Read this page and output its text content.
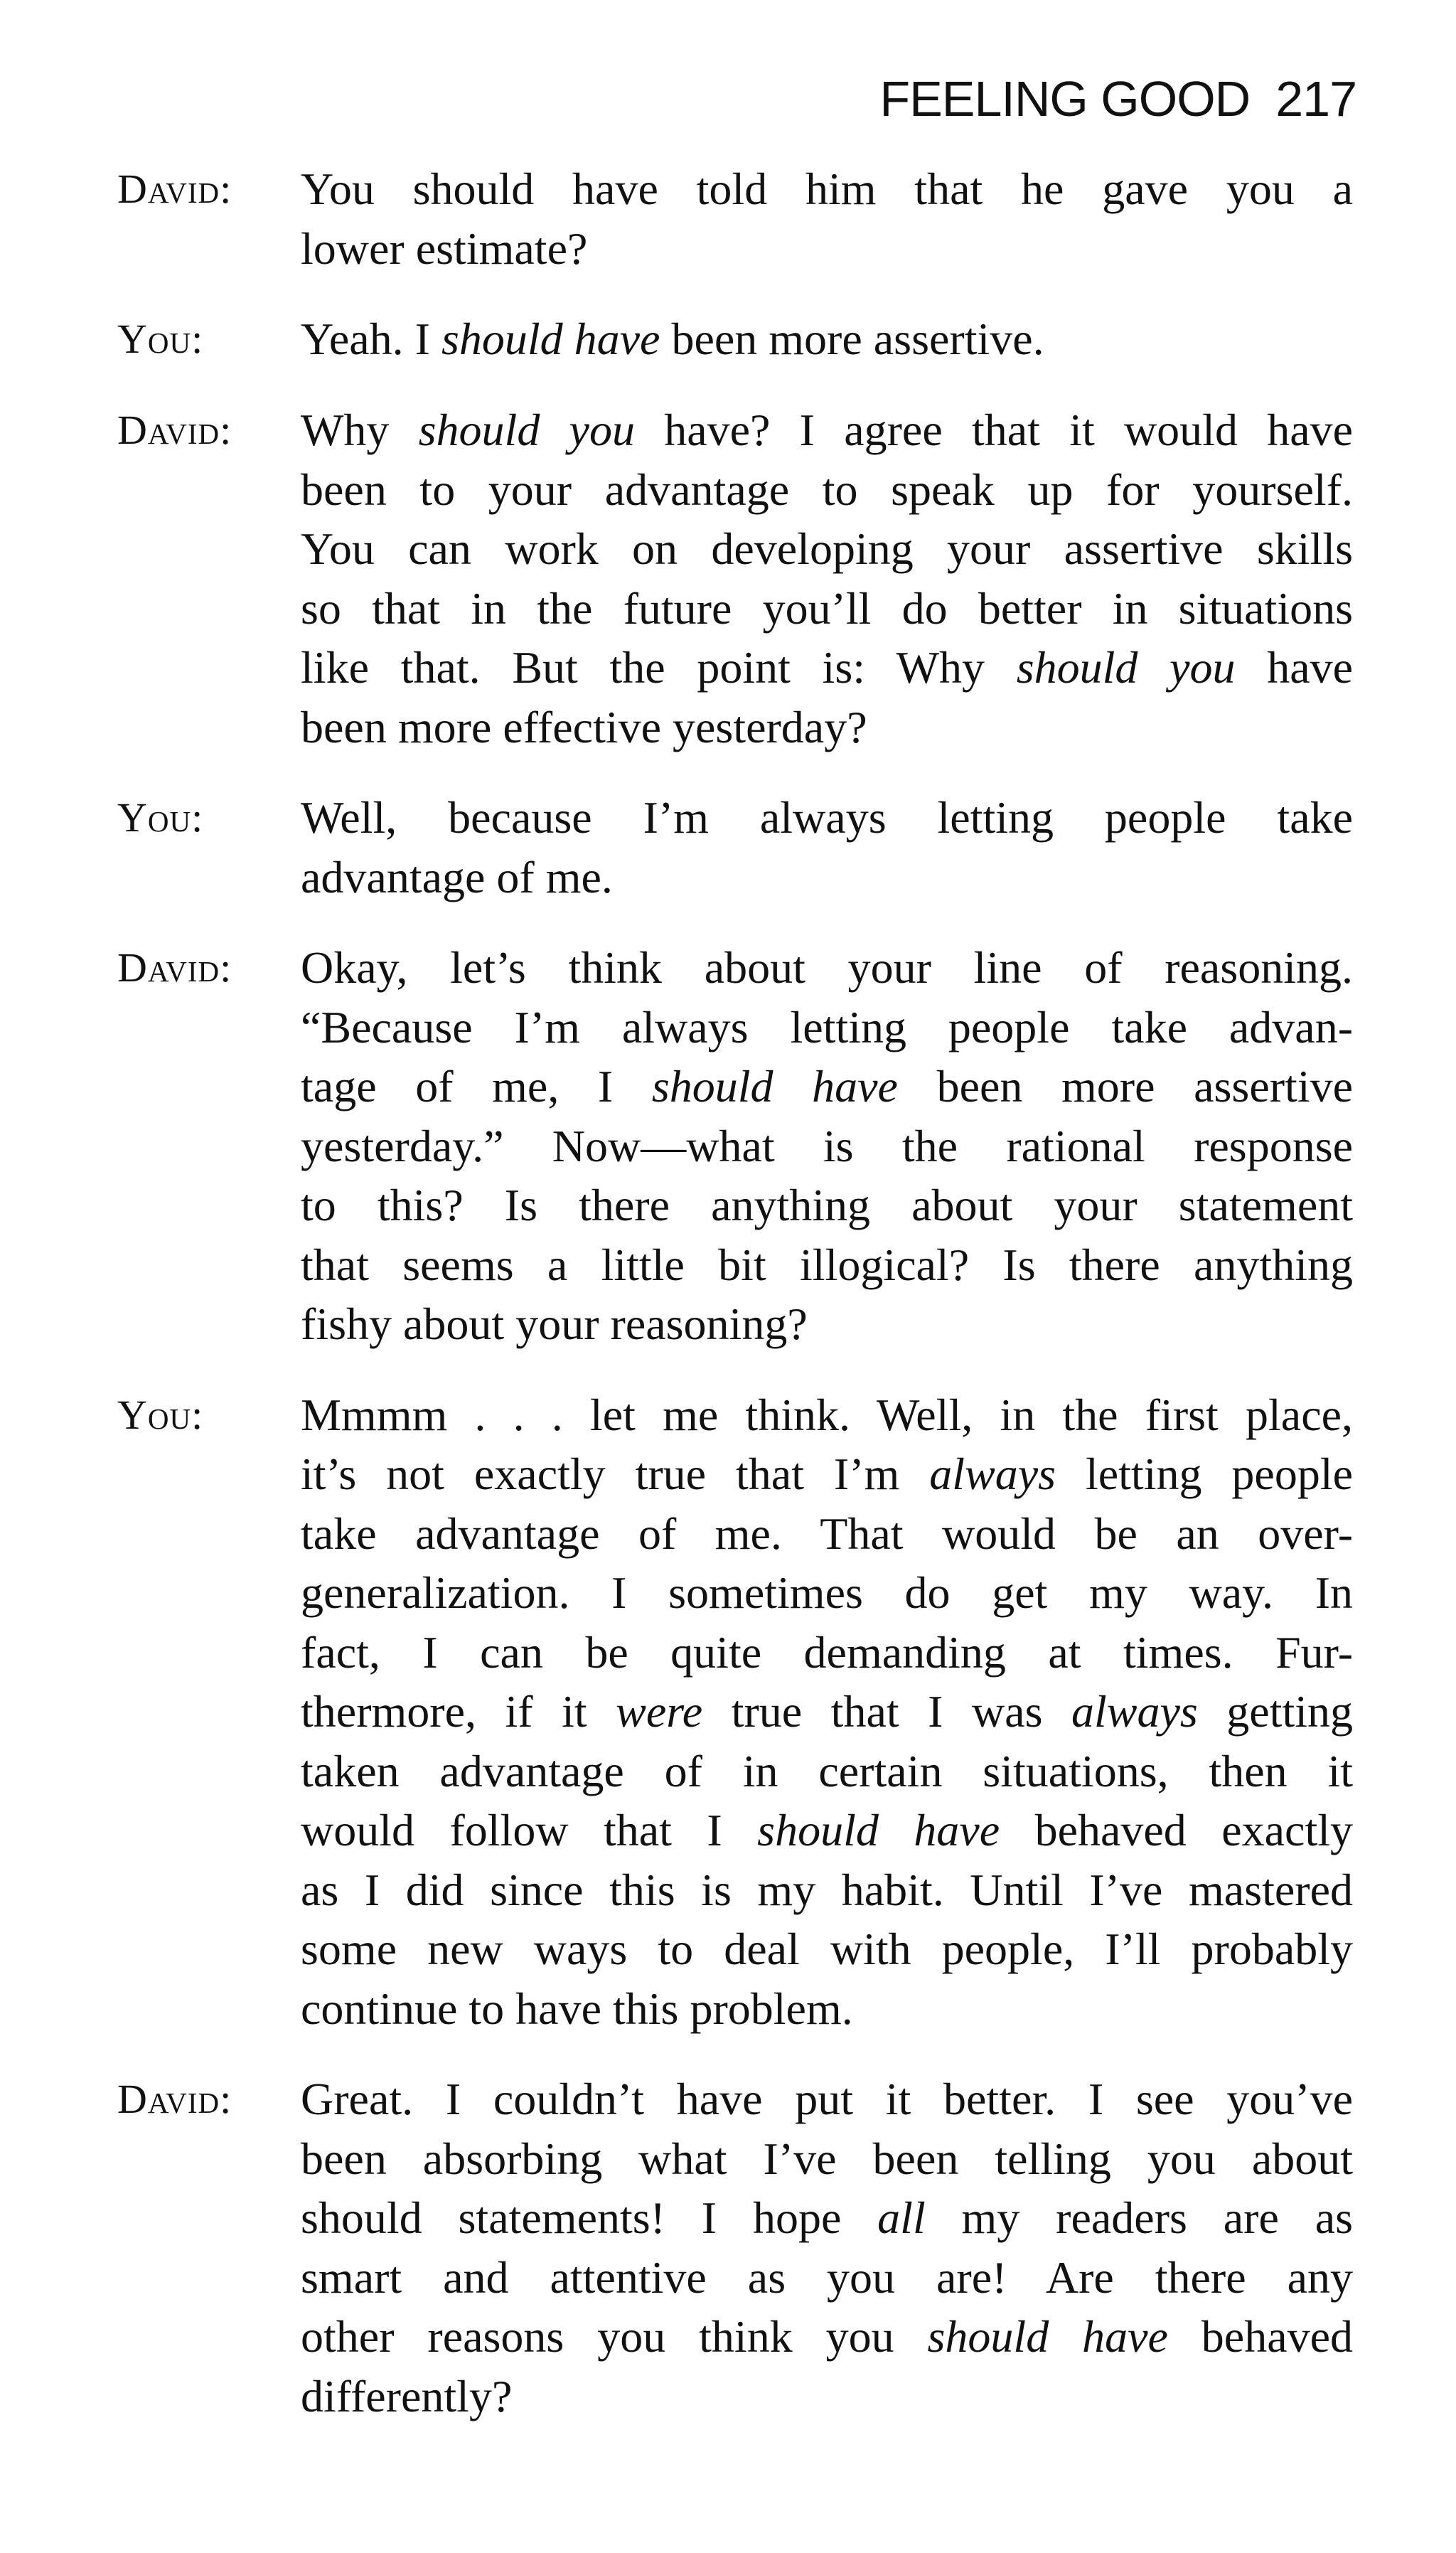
FEELING GOOD 217
David:	You should have told him that he gave you a
lower estimate?
You:	Yeah. I should have been more assertive.
David:	Why should you have? I agree that it would have
been to your advantage to speak up for yourself.
You can work on developing your assertive skills
so that in the future you’ll do better in situations
like that. But the point is: Why should you have
been more effective yesterday?
You:	Well, because I’m always letting people take
advantage of me.
David:	Okay, let’s think about your line of reasoning.
“Because I’m always letting people take advan-
tage of me, I should have been more assertive
yesterday.” Now—what is the rational response
to this? Is there anything about your statement
that seems a little bit illogical? Is there anything
fishy about your reasoning?
You:	Mmmm . . . let me think. Well, in the first place,
it’s not exactly true that I’m always letting people
take advantage of me. That would be an over-
generalization. I sometimes do get my way. In
fact, I can be quite demanding at times. Fur-
thermore, if it were true that I was always getting
taken advantage of in certain situations, then it
would follow that I should have behaved exactly
as I did since this is my habit. Until I’ve mastered
some new ways to deal with people, I’ll probably
continue to have this problem.
David:	Great. I couldn’t have put it better. I see you’ve
been absorbing what I’ve been telling you about
should statements! I hope all my readers are as
smart and attentive as you are! Are there any
other reasons you think you should have behaved
differently?
